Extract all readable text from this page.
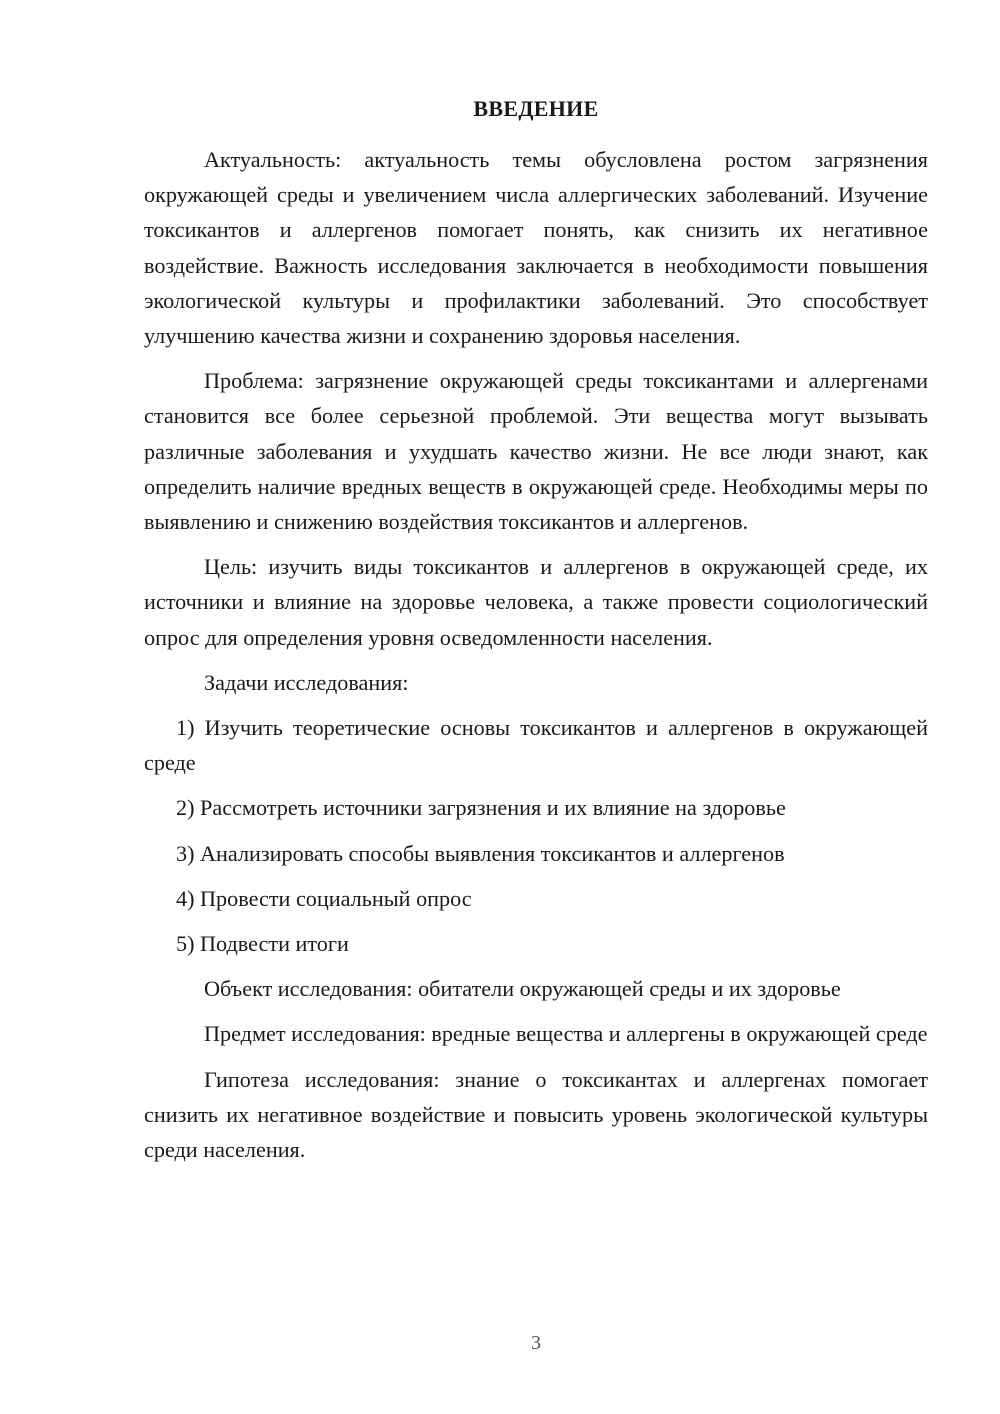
ВВЕДЕНИЕ

Актуальность: актуальность темы обусловлена ростом загрязнения окружающей среды и увеличением числа аллергических заболеваний. Изучение токсикантов и аллергенов помогает понять, как снизить их негативное воздействие. Важность исследования заключается в необходимости повышения экологической культуры и профилактики заболеваний. Это способствует улучшению качества жизни и сохранению здоровья населения.

Проблема: загрязнение окружающей среды токсикантами и аллергенами становится все более серьезной проблемой. Эти вещества могут вызывать различные заболевания и ухудшать качество жизни. Не все люди знают, как определить наличие вредных веществ в окружающей среде. Необходимы меры по выявлению и снижению воздействия токсикантов и аллергенов.

Цель: изучить виды токсикантов и аллергенов в окружающей среде, их источники и влияние на здоровье человека, а также провести социологический опрос для определения уровня осведомленности населения.

Задачи исследования:

1) Изучить теоретические основы токсикантов и аллергенов в окружающей среде

2) Рассмотреть источники загрязнения и их влияние на здоровье

3) Анализировать способы выявления токсикантов и аллергенов

4) Провести социальный опрос

5) Подвести итоги

Объект исследования: обитатели окружающей среды и их здоровье

Предмет исследования: вредные вещества и аллергены в окружающей среде

Гипотеза исследования: знание о токсикантах и аллергенах помогает снизить их негативное воздействие и повысить уровень экологической культуры среди населения.

3
